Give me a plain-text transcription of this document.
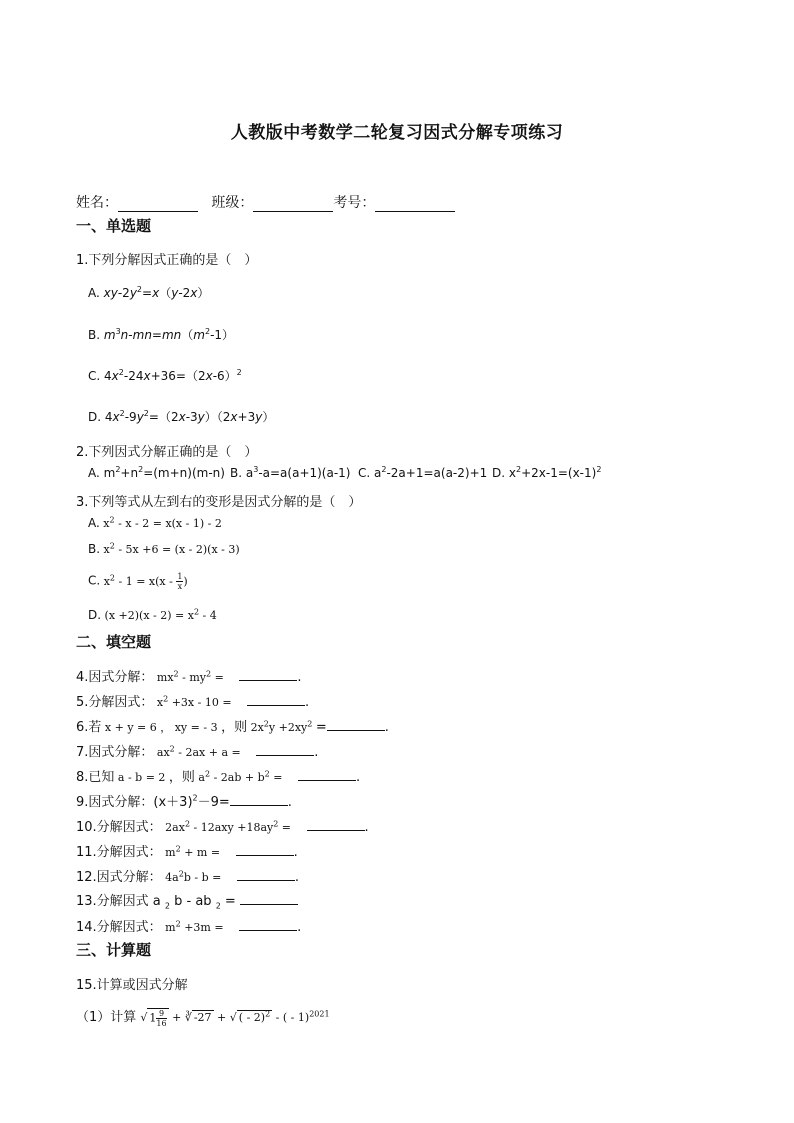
人教版中考数学二轮复习因式分解专项练习
姓名：	班级：	考号：
一、单选题
1.下列分解因式正确的是（　）
A. $xy-2y^2=x(y-2x)$
B. $m^3n-mn=mn(m^2-1)$
C. $4x^2-24x+36=(2x-6)^2$
D. $4x^2-9y^2=(2x-3y)(2x+3y)$
2.下列因式分解正确的是（　）
A. $m^2+n^2=(m+n)(m-n)$ B. $a^3-a=a(a+1)(a-1)$ C. $a^2-2a+1=a(a-2)+1$ D. $x^2+2x-1=(x-1)^2$
3.下列等式从左到右的变形是因式分解的是（　）
A. $x^2 - x - 2 = x(x - 1) - 2$
B. $x^2 - 5x +6 = (x - 2)(x - 3)$
C. $x^2 - 1 = x(x - \frac{1}{x}$ )
D. $(x +2)(x - 2) = x^2 - 4$
二、填空题
4.因式分解： $mx^2 - my^2$ =	.
5.分解因式： $x^2 +3x - 10$ =	.
6.若 x + y = 6 ， xy = - 3 ，则 $2x^2y +2xy^2$ =	.
7.因式分解： $ax^2 - 2ax + a$ =	.
8.已知 a - b = 2 ，则 $a^2 - 2ab + b^2$ =	.
9.因式分解：$(x+3)^2-9=$	.
10.分解因式： $2ax^2 - 12axy +18ay^2$ =	.
11.分解因式： $m^2 + m$ =	.
12.因式分解： $4a^2b$ - b =	.
13.分解因式 a $_2$ b - ab $_2$ =
14.分解因式： $m^2 +3m$ =	.
三、计算题
15.计算或因式分解
（1）计算 √ $1 \frac{9}{16}$ + ∛ -27 + √ ( - 2)$^2$ - ( - 1)$^{2021}$
